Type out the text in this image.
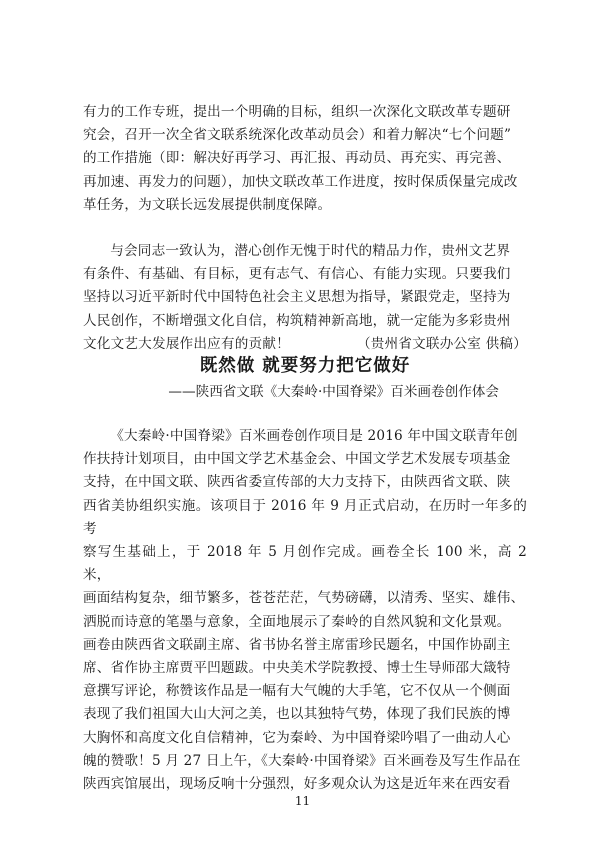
有力的工作专班，提出一个明确的目标，组织一次深化文联改革专题研

究会，召开一次全省文联系统深化改革动员会）和着力解决“七个问题”

的工作措施（即：解决好再学习、再汇报、再动员、再充实、再完善、

再加速、再发力的问题），加快文联改革工作进度，按时保质保量完成改

革任务，为文联长远发展提供制度保障。

与会同志一致认为，潜心创作无愧于时代的精品力作，贵州文艺界

有条件、有基础、有目标，更有志气、有信心、有能力实现。只要我们

坚持以习近平新时代中国特色社会主义思想为指导，紧跟党走，坚持为

人民创作，不断增强文化自信，构筑精神新高地，就一定能为多彩贵州

文化文艺大发展作出应有的贡献！	（贵州省文联办公室 供稿）

既然做 就要努力把它做好
——陕西省文联《大秦岭·中国脊梁》百米画卷创作体会

《大秦岭·中国脊梁》百米画卷创作项目是 2016 年中国文联青年创

作扶持计划项目，由中国文学艺术基金会、中国文学艺术发展专项基金

支持，在中国文联、陕西省委宣传部的大力支持下，由陕西省文联、陕

西省美协组织实施。该项目于 2016 年 9 月正式启动，在历时一年多的考

察写生基础上，于 2018 年 5 月创作完成。画卷全长 100 米，高 2 米，

画面结构复杂，细节繁多，苍苍茫茫，气势磅礴，以清秀、坚实、雄伟、

洒脱而诗意的笔墨与意象，全面地展示了秦岭的自然风貌和文化景观。

画卷由陕西省文联副主席、省书协名誉主席雷珍民题名，中国作协副主

席、省作协主席贾平凹题跋。中央美术学院教授、博士生导师邵大箴特

意撰写评论，称赞该作品是一幅有大气魄的大手笔，它不仅从一个侧面

表现了我们祖国大山大河之美，也以其独特气势，体现了我们民族的博

大胸怀和高度文化自信精神，它为秦岭、为中国脊梁吟唱了一曲动人心

魄的赞歌！5 月 27 日上午，《大秦岭·中国脊梁》百米画卷及写生作品在

陕西宾馆展出，现场反响十分强烈，好多观众认为这是近年来在西安看

11
